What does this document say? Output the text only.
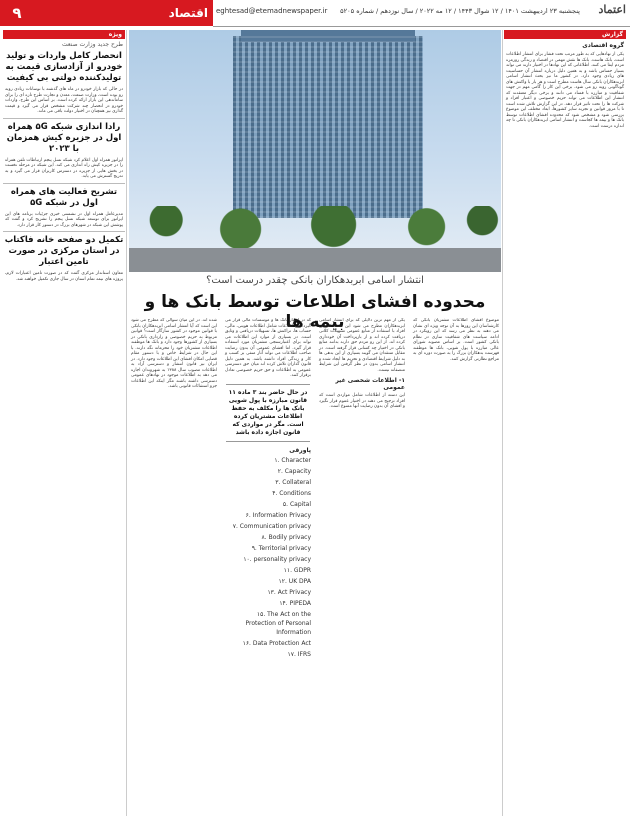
۹	اقتصاد eghtesad@etemadnewspaper.ir	پنجشنبه ۲۳ اردیبهشت ۱۴۰۱ / ۱۲ شوال ۱۴۴۳ / ۱۲ مه ۲۰۲۲ / سال نوزدهم / شماره ۵۲۰۵	اعتماد
ویژه
طرح جدید وزارت صنعت
انحصار کامل واردات و تولید خودرو از آزادسازی قیمت به تولیدکننده دولتی بی کیفیت
در حالی که بازار خودرو در ماه های گذشته با نوسانات زیادی روبه رو بوده است، وزارت صنعت، معدن و تجارت طرح تازه ای را برای ساماندهی این بازار ارائه کرده است. بر اساس این طرح، واردات خودرو در انحصار چند شرکت مشخص قرار می گیرد و قیمت گذاری نیز همچنان در اختیار دولت باقی می ماند.
رادا اندازی شبکه ۵G همراه اول در جزیره کیش همزمان با ۲۰۲۳
اپراتور همراه اول اعلام کرد شبکه نسل پنجم ارتباطات تلفن همراه را در جزیره کیش راه اندازی می کند. این شبکه در مرحله نخست در بخش هایی از جزیره در دسترس کاربران قرار می گیرد و به تدریج گسترش می یابد.
تشریح فعالیت های همراه اول در شبکه ۵G
مدیرعامل همراه اول در نشستی خبری جزئیات برنامه های این اپراتور برای توسعه شبکه نسل پنجم را تشریح کرد و گفت که پوشش این شبکه در شهرهای بزرگ در دستور کار قرار دارد.
تکمیل دو صفحه خانه فاکتاب در استان مرکزی در صورت تامین اعتبار
معاون استاندار مرکزی گفت که در صورت تامین اعتبارات لازم، پروژه های نیمه تمام استان در سال جاری تکمیل خواهند شد.	انتشار اسامی ابربدهکاران بانکی چقدر درست است؟
محدوده افشای اطلاعات توسط بانک ها و بیمه ها
شده اند. در این میان سوالی که مطرح می شود این است که آیا انتشار اسامی ابربدهکاران بانکی با قوانین موجود در کشور سازگار است؟ قوانین مربوط به حریم خصوصی و رازداری بانکی در بسیاری از کشورها وجود دارد و بانک ها موظفند اطلاعات مشتریان خود را محرمانه نگه دارند. با این حال در شرایط خاص و با دستور مقام قضایی امکان افشای این اطلاعات وجود دارد. در ایران نیز قانون انتشار و دسترسی آزاد به اطلاعات مصوب سال ۱۳۸۸ به شهروندان اجازه می دهد به اطلاعات موجود در نهادهای عمومی دسترسی داشته باشند مگر اینکه این اطلاعات جزو استثنائات قانونی باشد.
که در اختیار بانک ها و موسسات مالی قرار می گیرد. این اطلاعات شامل اطلاعات هویتی، مالی، حساب ها، تراکنش ها، تسهیلات دریافتی و وثایق است. در بسیاری از موارد این اطلاعات می تواند برای اعتبارسنجی مشتریان مورد استفاده قرار گیرد. اما افشای عمومی آن بدون رضایت صاحب اطلاعات می تواند آثار منفی بر کسب و کار و زندگی افراد داشته باشد. به همین دلیل قانون گذاران تلاش کرده اند میان حق دسترسی عمومی به اطلاعات و حق حریم خصوصی تعادل برقرار کنند.
در حال حاضر بند ۳ ماده ۱۱ قانون مبارزه با پول شویی بانک ها را مکلف به حفظ اطلاعات مشتریان کرده است. مگر در مواردی که قانون اجازه داده باشد
پاورقی
۱. Character
۲. Capacity
۳. Collateral
۴. Conditions
۵. Capital
۶. Information Privacy
۷. Communication privacy
۸. Bodily privacy
۹. Territorial privacy
۱۰. personality privacy
۱۱. GDPR
۱۲. UK DPA
۱۳. Act Privacy
۱۴. PIPEDA
۱۵. The Act on the Protection of Personal Information
۱۶. Data Protection Act
۱۷. IFRS
یکی از مهم ترین دلایلی که برای انتشار اسامی ابربدهکاران مطرح می شود این است که این افراد با استفاده از منابع عمومی تسهیلات کلانی دریافت کرده اند و از بازپرداخت آن خودداری کرده اند. از این رو مردم حق دارند بدانند منابع بانکی در اختیار چه کسانی قرار گرفته است. در مقابل منتقدان می گویند بسیاری از این بدهی ها به دلیل شرایط اقتصادی و تحریم ها ایجاد شده و انتشار اسامی بدون در نظر گرفتن این شرایط منصفانه نیست.
۱- اطلاعات شخصی غیر عمومی
این دسته از اطلاعات شامل مواردی است که افراد ترجیح می دهند در اختیار عموم قرار نگیرد و افشای آن بدون رضایت آنها ممنوع است.
موضوع افشای اطلاعات مشتریان بانکی که کارشناسان این روزها به آن توجه ویژه ای نشان می دهند به نظر می رسد که این رویکرد در ادامه سیاست های شفافیت سازی در نظام بانکی کشور است. بر اساس مصوبه شورای عالی مبارزه با پول شویی، بانک ها موظفند فهرست بدهکاران بزرگ را به صورت دوره ای به مراجع نظارتی گزارش کنند.
گزارش
گروه اقتصادی
یکی از نهادهایی که به طور مرتب تحت فشار برای انتشار اطلاعات است، بانک هاست. بانک ها نقش مهمی در اقتصاد و زندگی روزمره مردم ایفا می کنند. اطلاعاتی که این نهادها در اختیار دارند می تواند بسیار حساس باشد و به همین دلیل درباره انتشار آن حساسیت های زیادی وجود دارد. در کشور ما نیز بحث انتشار اسامی ابربدهکاران بانکی سال هاست مطرح است و هر بار با واکنش های گوناگونی روبه رو می شود. برخی این کار را گامی مهم در جهت شفافیت و مبارزه با فساد می دانند و برخی دیگر معتقدند که انتشار این اطلاعات می تواند حریم خصوصی و اعتبار افراد و شرکت ها را تحت تاثیر قرار دهد. در این گزارش تلاش شده است تا با مرور قوانین و تجربه سایر کشورها، ابعاد مختلف این موضوع بررسی شود و مشخص شود که محدوده افشای اطلاعات توسط بانک ها و بیمه ها کجاست و انتشار اسامی ابربدهکاران بانکی تا چه اندازه درست است.
